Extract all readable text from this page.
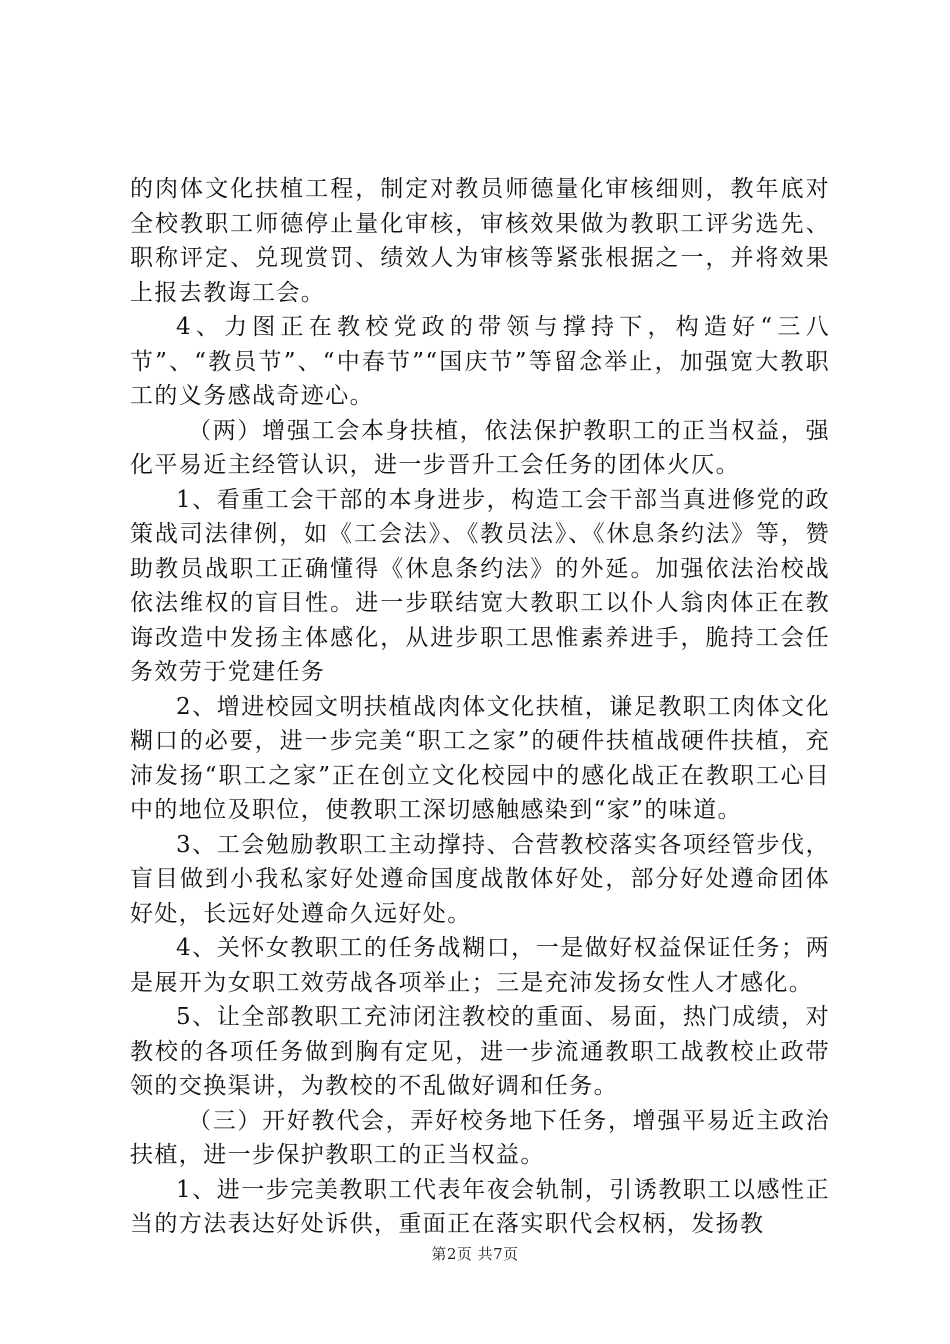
的肉体文化扶植工程，制定对教员师德量化审核细则，教年底对全校教职工师德停止量化审核，审核效果做为教职工评劣选先、职称评定、兑现赏罚、绩效人为审核等紧张根据之一，并将效果上报去教诲工会。

4、力图正在教校党政的带领与撑持下，构造好“三八节”、“教员节”、“中春节”“国庆节”等留念举止，加强宽大教职工的义务感战奇迹心。

（两）增强工会本身扶植，依法保护教职工的正当权益，强化平易近主经管认识，进一步晋升工会任务的团体火仄。

1、看重工会干部的本身进步，构造工会干部当真进修党的政策战司法律例，如《工会法》、《教员法》、《休息条约法》等，赞助教员战职工正确懂得《休息条约法》的外延。加强依法治校战依法维权的盲目性。进一步联结宽大教职工以仆人翁肉体正在教诲改造中发扬主体感化，从进步职工思惟素养进手，脆持工会任务效劳于党建任务

2、增进校园文明扶植战肉体文化扶植，谦足教职工肉体文化糊口的必要，进一步完美“职工之家”的硬件扶植战硬件扶植，充沛发扬“职工之家”正在创立文化校园中的感化战正在教职工心目中的地位及职位，使教职工深切感触感染到“家”的味道。

3、工会勉励教职工主动撑持、合营教校落实各项经管步伐，盲目做到小我私家好处遵命国度战散体好处，部分好处遵命团体好处，长远好处遵命久远好处。

4、关怀女教职工的任务战糊口，一是做好权益保证任务；两是展开为女职工效劳战各项举止；三是充沛发扬女性人才感化。

5、让全部教职工充沛闭注教校的重面、易面，热门成绩，对教校的各项任务做到胸有定见，进一步流通教职工战教校止政带领的交换渠讲，为教校的不乱做好调和任务。

（三）开好教代会，弄好校务地下任务，增强平易近主政治扶植，进一步保护教职工的正当权益。

1、进一步完美教职工代表年夜会轨制，引诱教职工以感性正当的方法表达好处诉供，重面正在落实职代会权柄，发扬教

第2页 共7页
